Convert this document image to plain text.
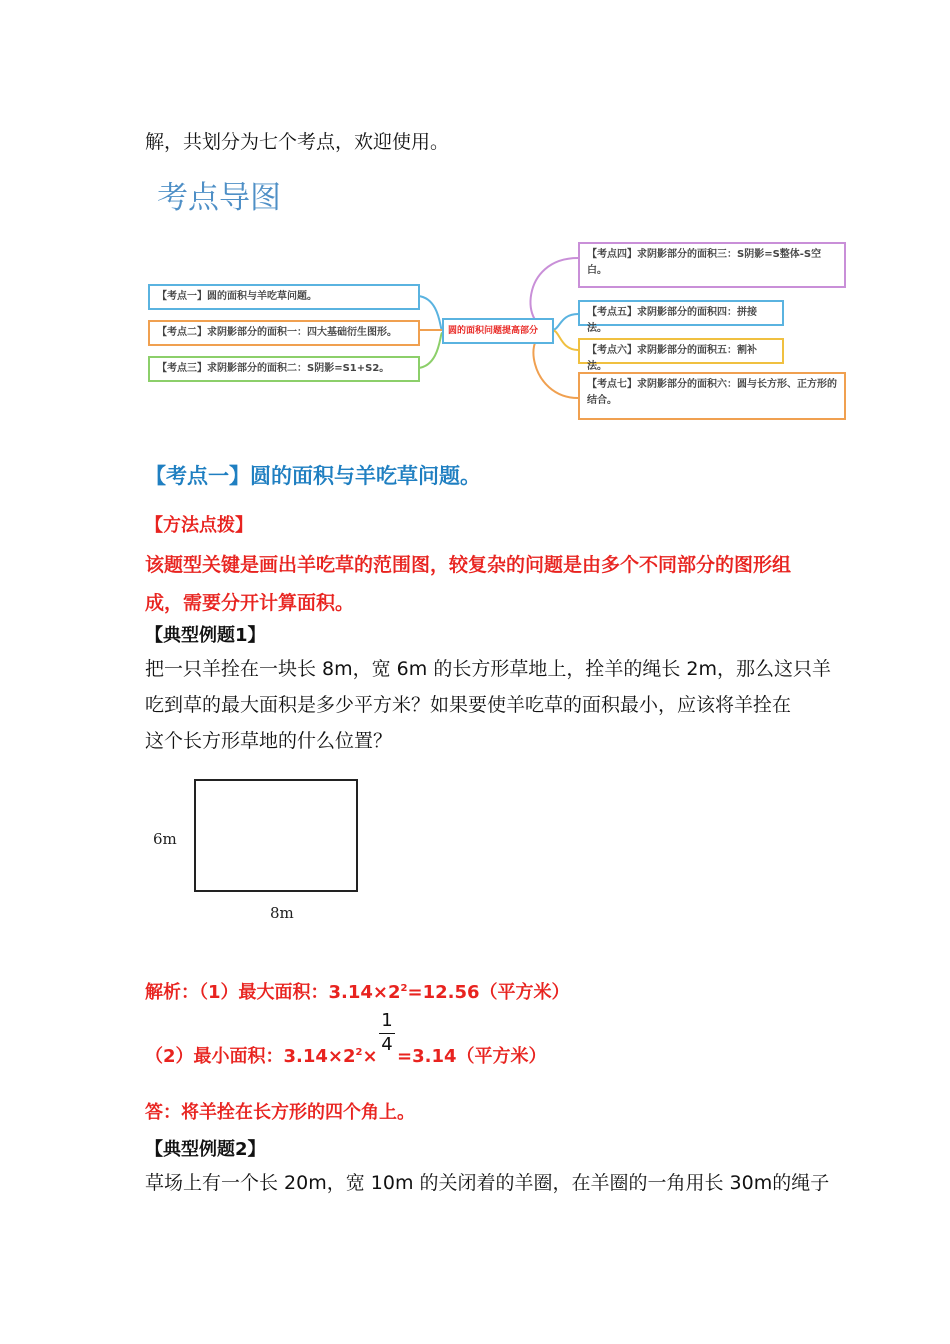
解，共划分为七个考点，欢迎使用。
考点导图
【考点一】圆的面积与羊吃草问题。
【考点二】求阴影部分的面积一：四大基础衍生图形。
【考点三】求阴影部分的面积二：S阴影=S1+S2。
圆的面积问题提高部分
【考点四】求阴影部分的面积三：S阴影=S整体-S空白。
【考点五】求阴影部分的面积四：拼接法。
【考点六】求阴影部分的面积五：割补法。
【考点七】求阴影部分的面积六：圆与长方形、正方形的结合。
【考点一】圆的面积与羊吃草问题。
【方法点拨】
该题型关键是画出羊吃草的范围图，较复杂的问题是由多个不同部分的图形组
成，需要分开计算面积。
【典型例题1】
把一只羊拴在一块长 8m，宽 6m 的长方形草地上，拴羊的绳长 2m，那么这只羊
吃到草的最大面积是多少平方米？如果要使羊吃草的面积最小，应该将羊拴在
这个长方形草地的什么位置？
6m
8m
解析：（1）最大面积：$3.14\times 2^2=12.56$（平方米）
（2）最小面积：$3.14\times 2^2\times$
1
4
=3.14（平方米）
答：将羊拴在长方形的四个角上。
【典型例题2】
草场上有一个长 20m，宽 10m 的关闭着的羊圈，在羊圈的一角用长 30m的绳子
